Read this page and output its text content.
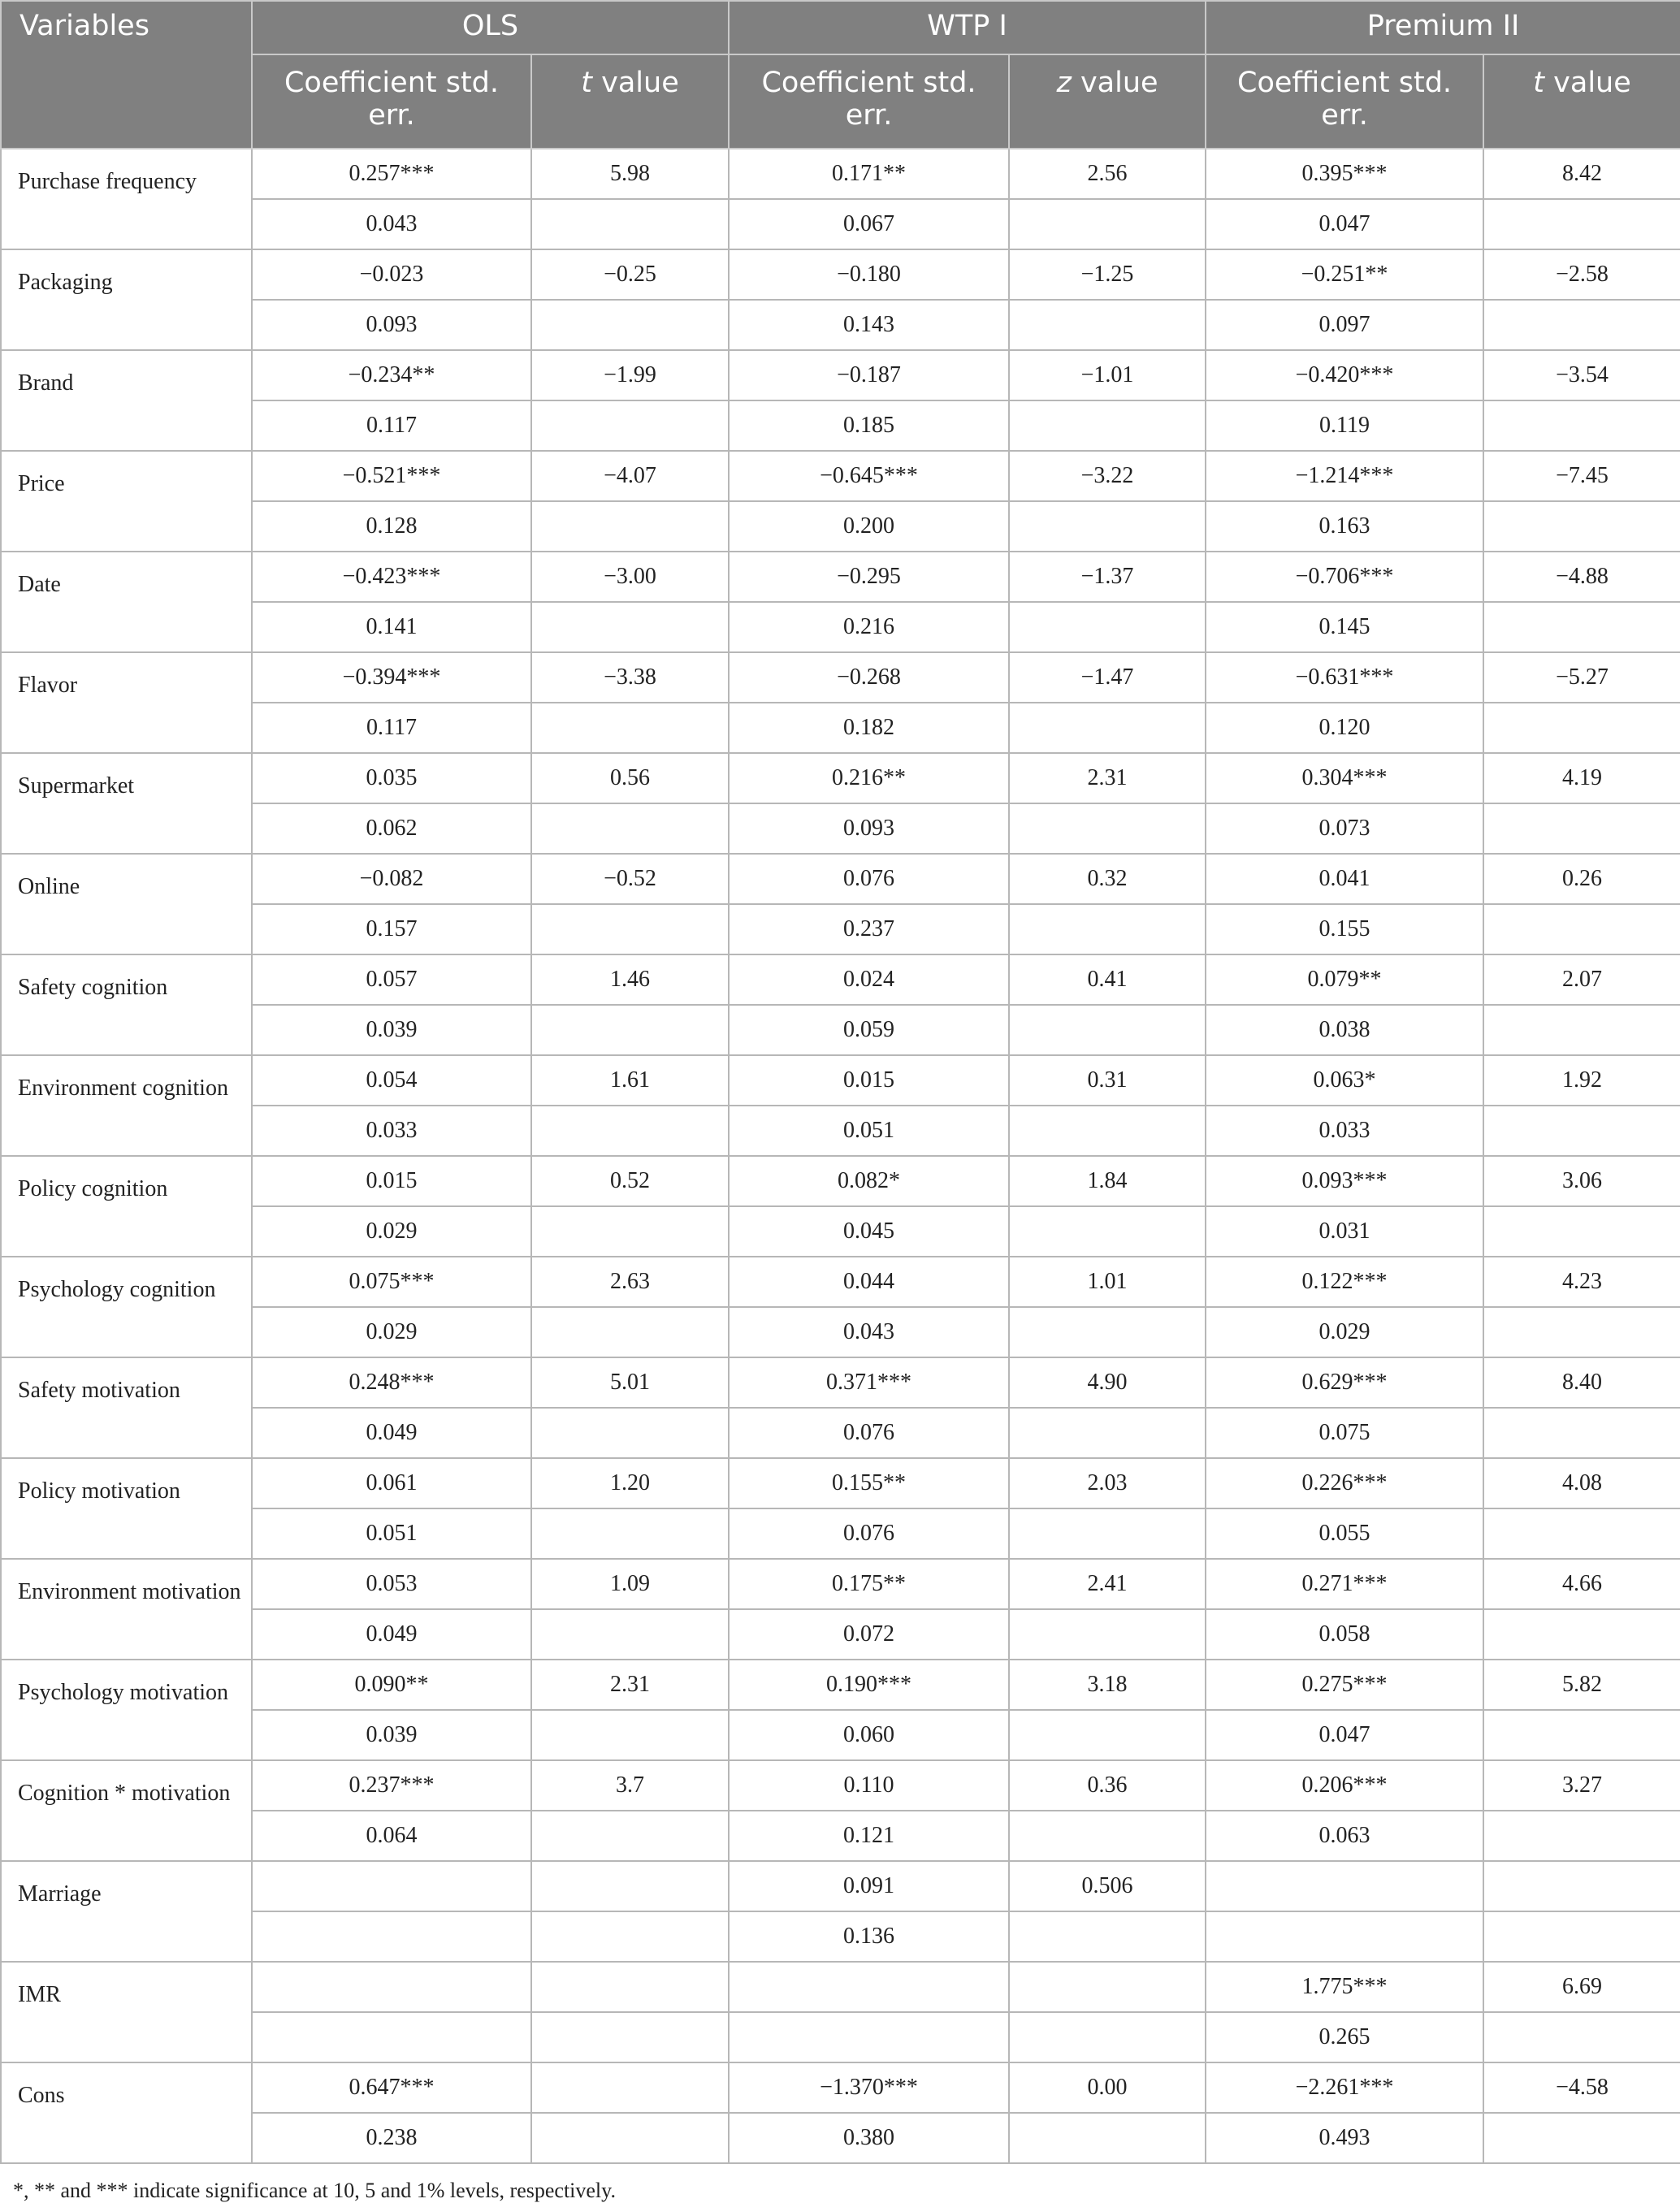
Variables	OLS		WTP I		Premium II	
	Coefficient std. err.	t value	Coefficient std. err.	z value	Coefficient std. err.	t value
Purchase frequency	0.257***	5.98	0.171**	2.56	0.395***	8.42
	0.043		0.067		0.047	
Packaging	−0.023	−0.25	−0.180	−1.25	−0.251**	−2.58
	0.093		0.143		0.097	
Brand	−0.234**	−1.99	−0.187	−1.01	−0.420***	−3.54
	0.117		0.185		0.119	
Price	−0.521***	−4.07	−0.645***	−3.22	−1.214***	−7.45
	0.128		0.200		0.163	
Date	−0.423***	−3.00	−0.295	−1.37	−0.706***	−4.88
	0.141		0.216		0.145	
Flavor	−0.394***	−3.38	−0.268	−1.47	−0.631***	−5.27
	0.117		0.182		0.120	
Supermarket	0.035	0.56	0.216**	2.31	0.304***	4.19
	0.062		0.093		0.073	
Online	−0.082	−0.52	0.076	0.32	0.041	0.26
	0.157		0.237		0.155	
Safety cognition	0.057	1.46	0.024	0.41	0.079**	2.07
	0.039		0.059		0.038	
Environment cognition	0.054	1.61	0.015	0.31	0.063*	1.92
	0.033		0.051		0.033	
Policy cognition	0.015	0.52	0.082*	1.84	0.093***	3.06
	0.029		0.045		0.031	
Psychology cognition	0.075***	2.63	0.044	1.01	0.122***	4.23
	0.029		0.043		0.029	
Safety motivation	0.248***	5.01	0.371***	4.90	0.629***	8.40
	0.049		0.076		0.075	
Policy motivation	0.061	1.20	0.155**	2.03	0.226***	4.08
	0.051		0.076		0.055	
Environment motivation	0.053	1.09	0.175**	2.41	0.271***	4.66
	0.049		0.072		0.058	
Psychology motivation	0.090**	2.31	0.190***	3.18	0.275***	5.82
	0.039		0.060		0.047	
Cognition * motivation	0.237***	3.7	0.110	0.36	0.206***	3.27
	0.064		0.121		0.063	
Marriage			0.091	0.506		
			0.136			
IMR					1.775***	6.69
					0.265	
Cons	0.647***		−1.370***	0.00	−2.261***	−4.58
	0.238		0.380		0.493	
*, ** and *** indicate significance at 10, 5 and 1% levels, respectively.
